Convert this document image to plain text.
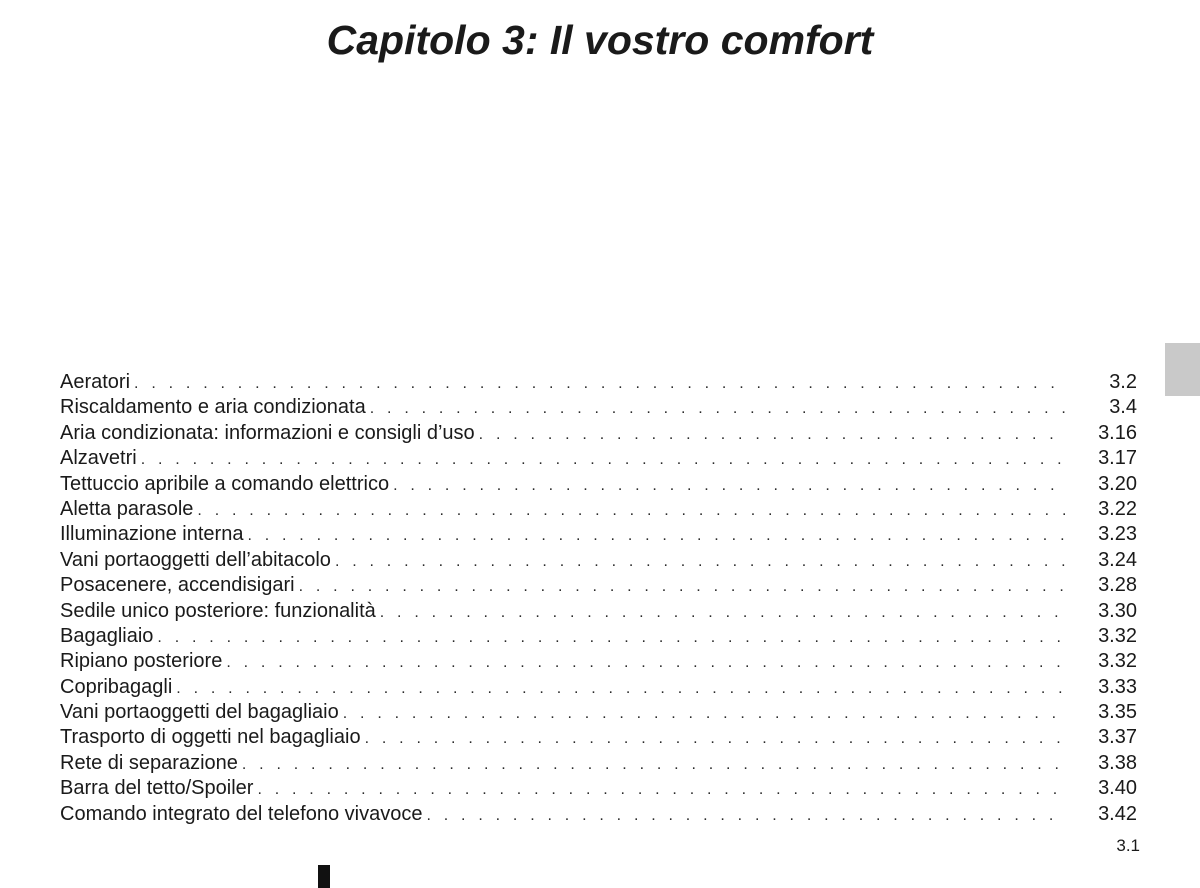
Capitolo 3: Il vostro comfort
Aeratori . . .	3.2
Riscaldamento e aria condizionata . . .	3.4
Aria condizionata: informazioni e consigli d’uso . . .	3.16
Alzavetri . . .	3.17
Tettuccio apribile a comando elettrico . . .	3.20
Aletta parasole . . .	3.22
Illuminazione interna . . .	3.23
Vani portaoggetti dell’abitacolo . . .	3.24
Posacenere, accendisigari . . .	3.28
Sedile unico posteriore: funzionalità . . .	3.30
Bagagliaio . . .	3.32
Ripiano posteriore . . .	3.32
Copribagagli . . .	3.33
Vani portaoggetti del bagagliaio . . .	3.35
Trasporto di oggetti nel bagagliaio . . .	3.37
Rete di separazione . . .	3.38
Barra del tetto/Spoiler . . .	3.40
Comando integrato del telefono vivavoce . . .	3.42
3.1
